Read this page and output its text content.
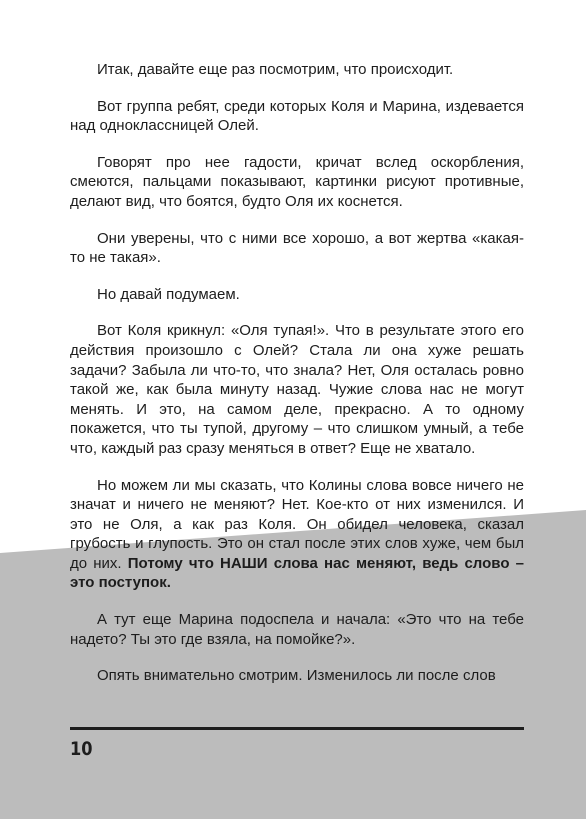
Итак, давайте еще раз посмотрим, что происходит.

Вот группа ребят, среди которых Коля и Марина, издевается над одноклассницей Олей.

Говорят про нее гадости, кричат вслед оскорбления, смеются, пальцами показывают, картинки рисуют противные, делают вид, что боятся, будто Оля их коснется.

Они уверены, что с ними все хорошо, а вот жертва «какая-то не такая».

Но давай подумаем.

Вот Коля крикнул: «Оля тупая!». Что в результате этого его действия произошло с Олей? Стала ли она хуже решать задачи? Забыла ли что-то, что знала? Нет, Оля осталась ровно такой же, как была минуту назад. Чужие слова нас не могут менять. И это, на самом деле, прекрасно. А то одному покажется, что ты тупой, другому – что слишком умный, а тебе что, каждый раз сразу меняться в ответ? Еще не хватало.

Но можем ли мы сказать, что Колины слова вовсе ничего не значат и ничего не меняют? Нет. Кое-кто от них изменился. И это не Оля, а как раз Коля. Он обидел человека, сказал грубость и глупость. Это он стал после этих слов хуже, чем был до них. Потому что НАШИ слова нас меняют, ведь слово – это поступок.

А тут еще Марина подоспела и начала: «Это что на тебе надето? Ты это где взяла, на помойке?».

Опять внимательно смотрим. Изменилось ли после слов

10
